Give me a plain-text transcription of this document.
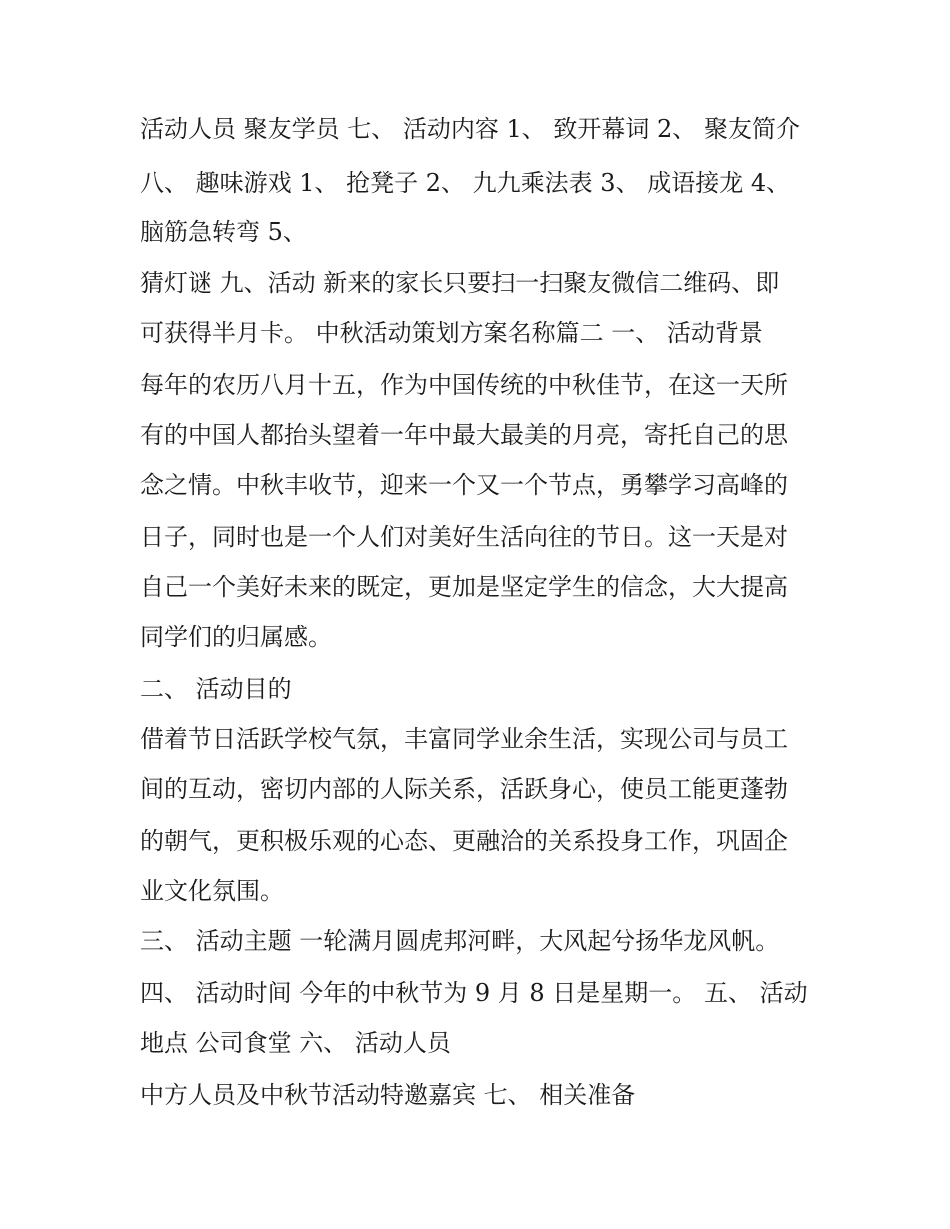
活动人员 聚友学员 七、 活动内容 1、 致开幕词 2、 聚友简介
八、 趣味游戏 1、 抢凳子 2、 九九乘法表 3、 成语接龙 4、
脑筋急转弯 5、
猜灯谜 九、活动 新来的家长只要扫一扫聚友微信二维码、即
可获得半月卡。 中秋活动策划方案名称篇二 一、 活动背景
每年的农历八月十五，作为中国传统的中秋佳节，在这一天所
有的中国人都抬头望着一年中最大最美的月亮，寄托自己的思
念之情。中秋丰收节，迎来一个又一个节点，勇攀学习高峰的
日子，同时也是一个人们对美好生活向往的节日。这一天是对
自己一个美好未来的既定，更加是坚定学生的信念，大大提高
同学们的归属感。
二、 活动目的
借着节日活跃学校气氛，丰富同学业余生活，实现公司与员工
间的互动，密切内部的人际关系，活跃身心，使员工能更蓬勃
的朝气，更积极乐观的心态、更融洽的关系投身工作，巩固企
业文化氛围。
三、 活动主题 一轮满月圆虎邦河畔，大风起兮扬华龙风帆。
四、 活动时间 今年的中秋节为 9 月 8 日是星期一。 五、 活动
地点 公司食堂 六、 活动人员
中方人员及中秋节活动特邀嘉宾 七、 相关准备
